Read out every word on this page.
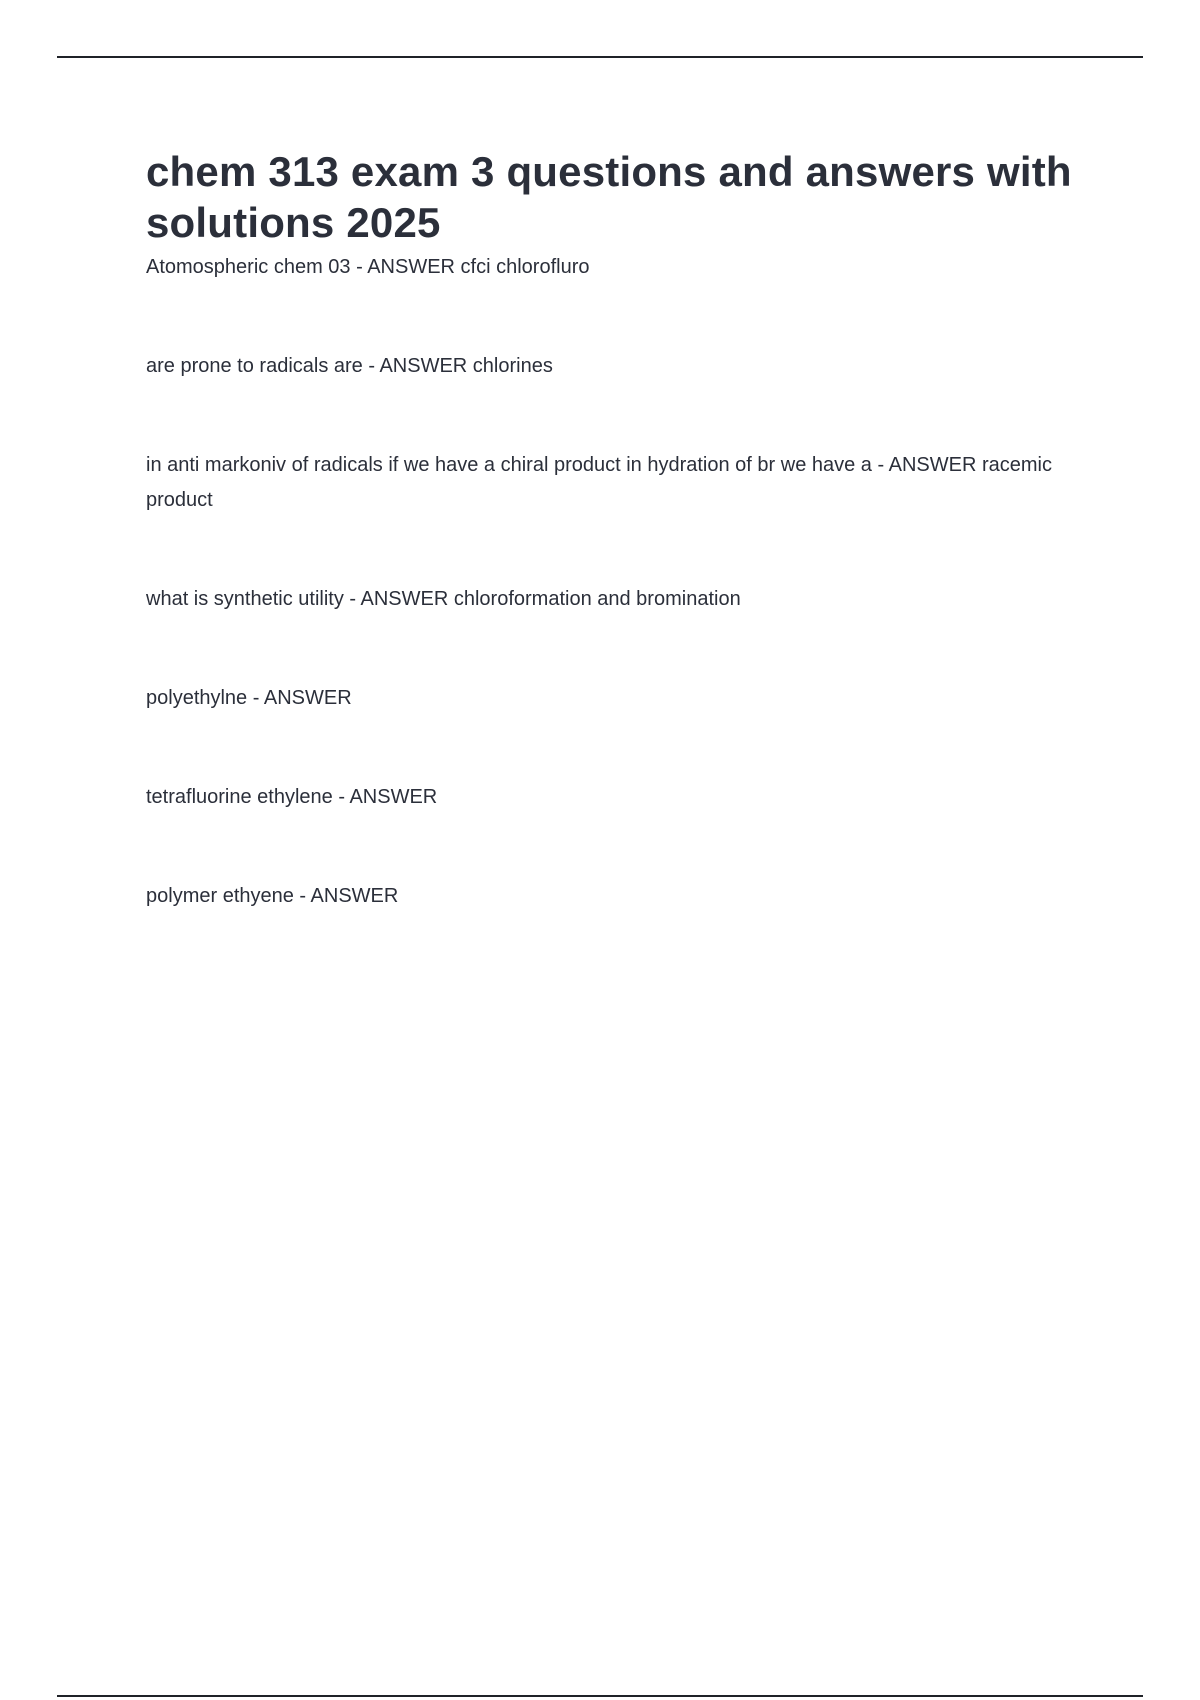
chem 313 exam 3 questions and answers with solutions 2025
Atomospheric chem 03 - ANSWER cfci chlorofluro
are prone to radicals are - ANSWER chlorines
in anti markoniv of radicals if we have a chiral product in hydration of br we have a - ANSWER racemic product
what is synthetic utility - ANSWER chloroformation and bromination
polyethylne - ANSWER
tetrafluorine ethylene - ANSWER
polymer ethyene - ANSWER
